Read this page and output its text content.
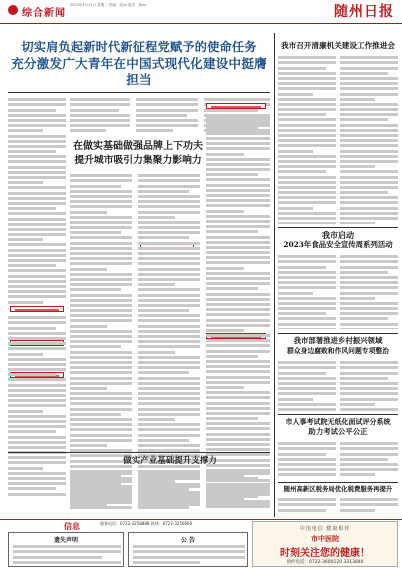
综合新闻
2023年4月11日 星期二 责编：张xx 版式：杨xx	随州日报
切实肩负起新时代新征程党赋予的使命任务
充分激发广大青年在中国式现代化建设中挺膺担当
在做实基础做强品牌上下功夫
提升城市吸引力集聚力影响力
做实产业基础提升支撑力
我市召开清廉机关建设工作推进会
我市启动
2023年食品安全宣传周系列活动
我市部署推进乡村振兴领域
群众身边腐败和作风问题专项整治
市人事考试院无纸化面试评分系统
助力考试公平公正
随州高新区税务局优化税费服务再提升
信息	服务电话：0722-3258888 热线：0722-3256666
遗失声明	公 告
中国电信 健康相伴
市中医院
时刻关注您的健康！
预约电话：0722-3600120 3313840
